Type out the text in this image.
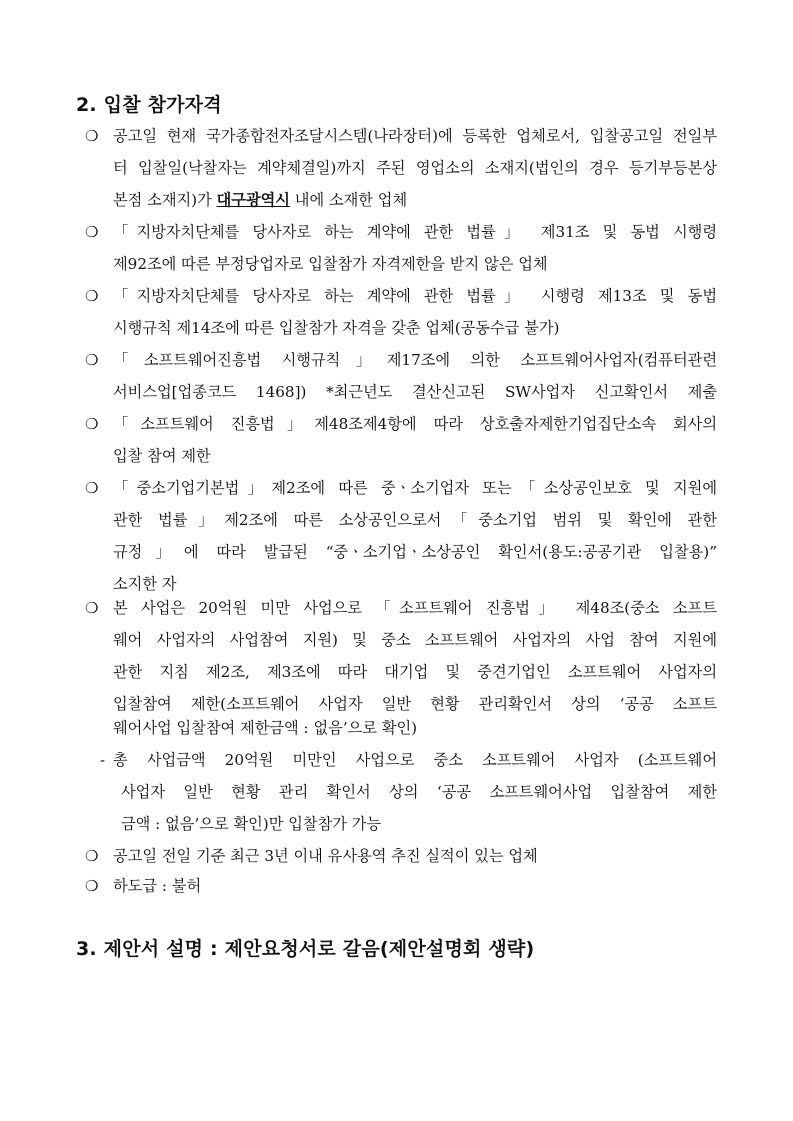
2. 입찰 참가자격
❍ 공고일 현재 국가종합전자조달시스템(나라장터)에 등록한 업체로서, 입찰공고일 전일부
터 입찰일(낙찰자는 계약체결일)까지 주된 영업소의 소재지(법인의 경우 등기부등본상
본점 소재지)가 대구광역시 내에 소재한 업체
❍ 「지방자치단체를 당사자로 하는 계약에 관한 법률」 제31조 및 동법 시행령
제92조에 따른 부정당업자로 입찰참가 자격제한을 받지 않은 업체
❍ 「지방자치단체를 당사자로 하는 계약에 관한 법률」 시행령 제13조 및 동법
시행규칙 제14조에 따른 입찰참가 자격을 갖춘 업체(공동수급 불가)
❍ 「소프트웨어진흥법 시행규칙」제17조에 의한 소프트웨어사업자(컴퓨터관련
서비스업[업종코드 1468]) *최근년도 결산신고된 SW사업자 신고확인서 제출
❍ 「소프트웨어 진흥법」제48조제4항에 따라 상호출자제한기업집단소속 회사의
입찰 참여 제한
❍ 「중소기업기본법」제2조에 따른 중ㆍ소기업자 또는「소상공인보호 및 지원에
관한 법률」제2조에 따른 소상공인으로서「중소기업 범위 및 확인에 관한
규정」에 따라 발급된 “중ㆍ소기업ㆍ소상공인 확인서(용도:공공기관 입찰용)”
소지한 자
❍ 본 사업은 20억원 미만 사업으로 「소프트웨어 진흥법」 제48조(중소 소프트
웨어 사업자의 사업참여 지원) 및 중소 소프트웨어 사업자의 사업 참여 지원에
관한 지침 제2조, 제3조에 따라 대기업 및 중견기업인 소프트웨어 사업자의
입찰참여 제한(소프트웨어 사업자 일반 현황 관리확인서 상의 ‘공공 소프트
웨어사업 입찰참여 제한금액 : 없음’으로 확인)
- 총 사업금액 20억원 미만인 사업으로 중소 소프트웨어 사업자 (소프트웨어
사업자 일반 현황 관리 확인서 상의 ‘공공 소프트웨어사업 입찰참여 제한
금액 : 없음’으로 확인)만 입찰참가 가능
❍ 공고일 전일 기준 최근 3년 이내 유사용역 추진 실적이 있는 업체
❍ 하도급 : 불허
3. 제안서 설명 : 제안요청서로 갈음(제안설명회 생략)
